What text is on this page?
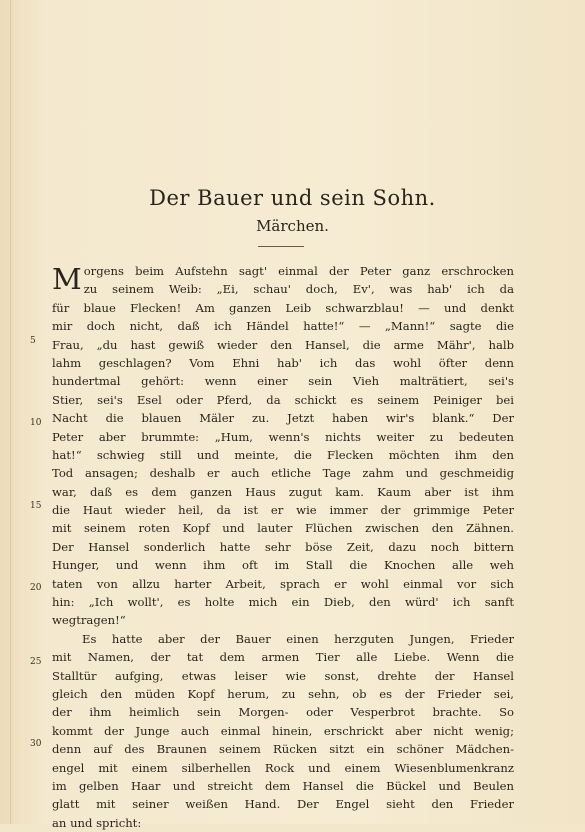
Der Bauer und sein Sohn.
Märchen.
5
10
15
20
25
30
M orgens beim Aufstehn sagt' einmal der Peter ganz erschrocken
zu seinem Weib: „Ei, schau' doch, Ev', was hab' ich da
für blaue Flecken! Am ganzen Leib schwarzblau! — und denkt
mir doch nicht, daß ich Händel hatte!“ — „Mann!“ sagte die
Frau, „du hast gewiß wieder den Hansel, die arme Mähr', halb
lahm geschlagen? Vom Ehni hab' ich das wohl öfter denn
hundertmal gehört: wenn einer sein Vieh malträtiert, sei's
Stier, sei's Esel oder Pferd, da schickt es seinem Peiniger bei
Nacht die blauen Mäler zu. Jetzt haben wir's blank.“ Der
Peter aber brummte: „Hum, wenn's nichts weiter zu bedeuten
hat!“ schwieg still und meinte, die Flecken möchten ihm den
Tod ansagen; deshalb er auch etliche Tage zahm und geschmeidig
war, daß es dem ganzen Haus zugut kam. Kaum aber ist ihm
die Haut wieder heil, da ist er wie immer der grimmige Peter
mit seinem roten Kopf und lauter Flüchen zwischen den Zähnen.
Der Hansel sonderlich hatte sehr böse Zeit, dazu noch bittern
Hunger, und wenn ihm oft im Stall die Knochen alle weh
taten von allzu harter Arbeit, sprach er wohl einmal vor sich
hin: „Ich wollt', es holte mich ein Dieb, den würd' ich sanft
wegtragen!“
Es hatte aber der Bauer einen herzguten Jungen, Frieder
mit Namen, der tat dem armen Tier alle Liebe. Wenn die
Stalltür aufging, etwas leiser wie sonst, drehte der Hansel
gleich den müden Kopf herum, zu sehn, ob es der Frieder sei,
der ihm heimlich sein Morgen- oder Vesperbrot brachte. So
kommt der Junge auch einmal hinein, erschrickt aber nicht wenig;
denn auf des Braunen seinem Rücken sitzt ein schöner Mädchen-
engel mit einem silberhellen Rock und einem Wiesenblumenkranz
im gelben Haar und streicht dem Hansel die Bückel und Beulen
glatt mit seiner weißen Hand. Der Engel sieht den Frieder
an und spricht:
